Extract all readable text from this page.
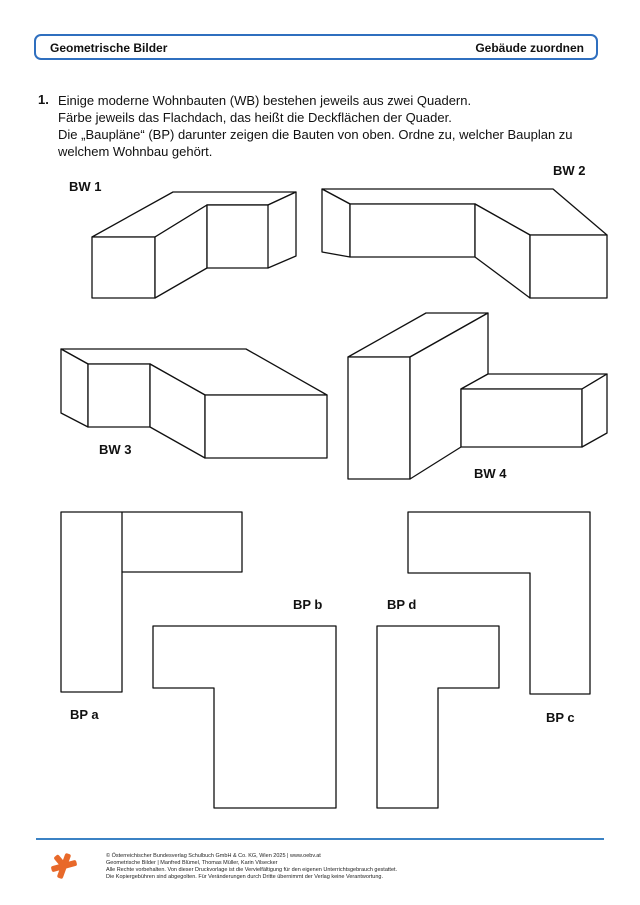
Geometrische Bilder	Gebäude zuordnen
1. Einige moderne Wohnbauten (WB) bestehen jeweils aus zwei Quadern.
Färbe jeweils das Flachdach, das heißt die Deckflächen der Quader.
Die „Baupläne“ (BP) darunter zeigen die Bauten von oben. Ordne zu, welcher Bauplan zu
welchem Wohnbau gehört.
BW 1
BW 2
BW 3
BW 4
BP a
BP b
BP c
BP d
© Österreichischer Bundesverlag Schulbuch GmbH & Co. KG, Wien 2025 | www.oebv.at
Geometrische Bilder | Manfred Blümel, Thomas Müller, Karin Vilsecker
Alle Rechte vorbehalten. Von dieser Druckvorlage ist die Vervielfältigung für den eigenen Unterrichtsgebrauch gestattet.
Die Kopiergebühren sind abgegolten. Für Veränderungen durch Dritte übernimmt der Verlag keine Verantwortung.
